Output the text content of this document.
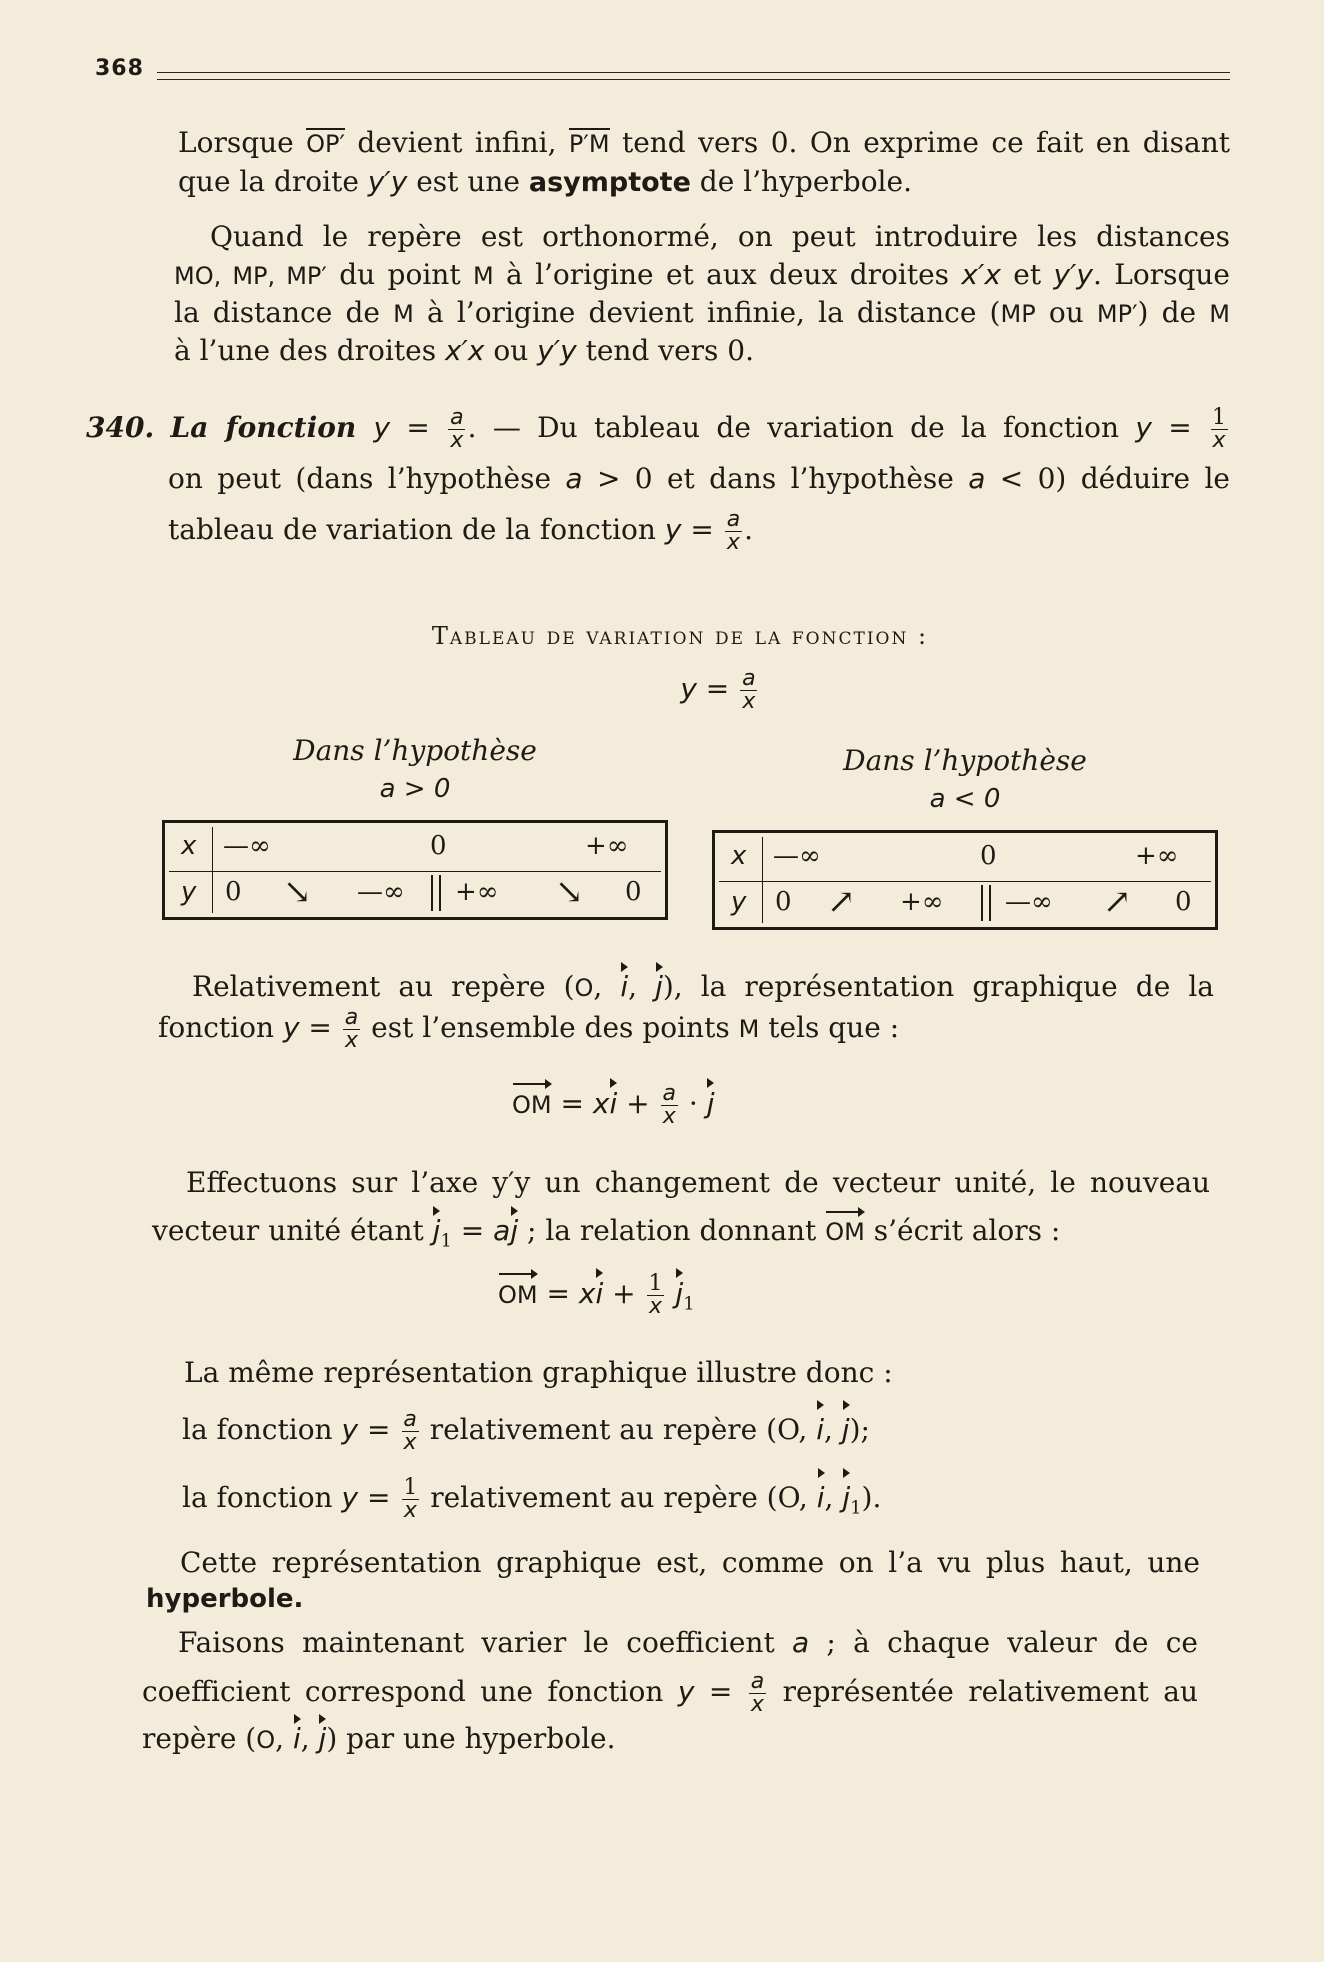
368
Lorsque OP′ devient infini, P′M tend vers 0. On exprime ce fait en disant
que la droite y′y est une asymptote de l’hyperbole.
Quand le repère est orthonormé, on peut introduire les distances
MO, MP, MP′ du point M à l’origine et aux deux droites x′x et y′y. Lorsque
la distance de M à l’origine devient infinie, la distance (MP ou MP′) de M
à l’une des droites x′x ou y′y tend vers 0.
340. La fonction $y = \frac{a}{x}$ . — Du tableau de variation de la fonction $y = \frac{1}{x}$
on peut (dans l’hypothèse a > 0 et dans l’hypothèse a < 0) déduire le
tableau de variation de la fonction $y = \frac{a}{x}$ .
Tableau de variation de la fonction :
$y = \frac{a}{x}$
Dans l’hypothèse
a > 0
Dans l’hypothèse
a < 0
x —∞	0	+∞
y 0 ↘ —∞ +∞ ↘ 0
x —∞	0	+∞
y 0 ↗ +∞ —∞ ↗ 0
Relativement au repère (O, i, j), la représentation graphique de la
fonction $y = \frac{a}{x}$ est l’ensemble des points M tels que :
OM = xi + $\frac{a}{x} \cdot j$
Effectuons sur l’axe y′y un changement de vecteur unité, le nouveau
vecteur unité étant $j_1$ = aj ; la relation donnant OM s’écrit alors :
OM = xi + $\frac{1}{x} j_1$
La même représentation graphique illustre donc :
la fonction $y = \frac{a}{x}$ relativement au repère (O, i, j);
la fonction $y = \frac{1}{x}$ relativement au repère (O, i, $j_1$).
Cette représentation graphique est, comme on l’a vu plus haut, une
hyperbole.
Faisons maintenant varier le coefficient a ; à chaque valeur de ce
coefficient correspond une fonction $y = \frac{a}{x}$ représentée relativement au
repère (O, i, j) par une hyperbole.
